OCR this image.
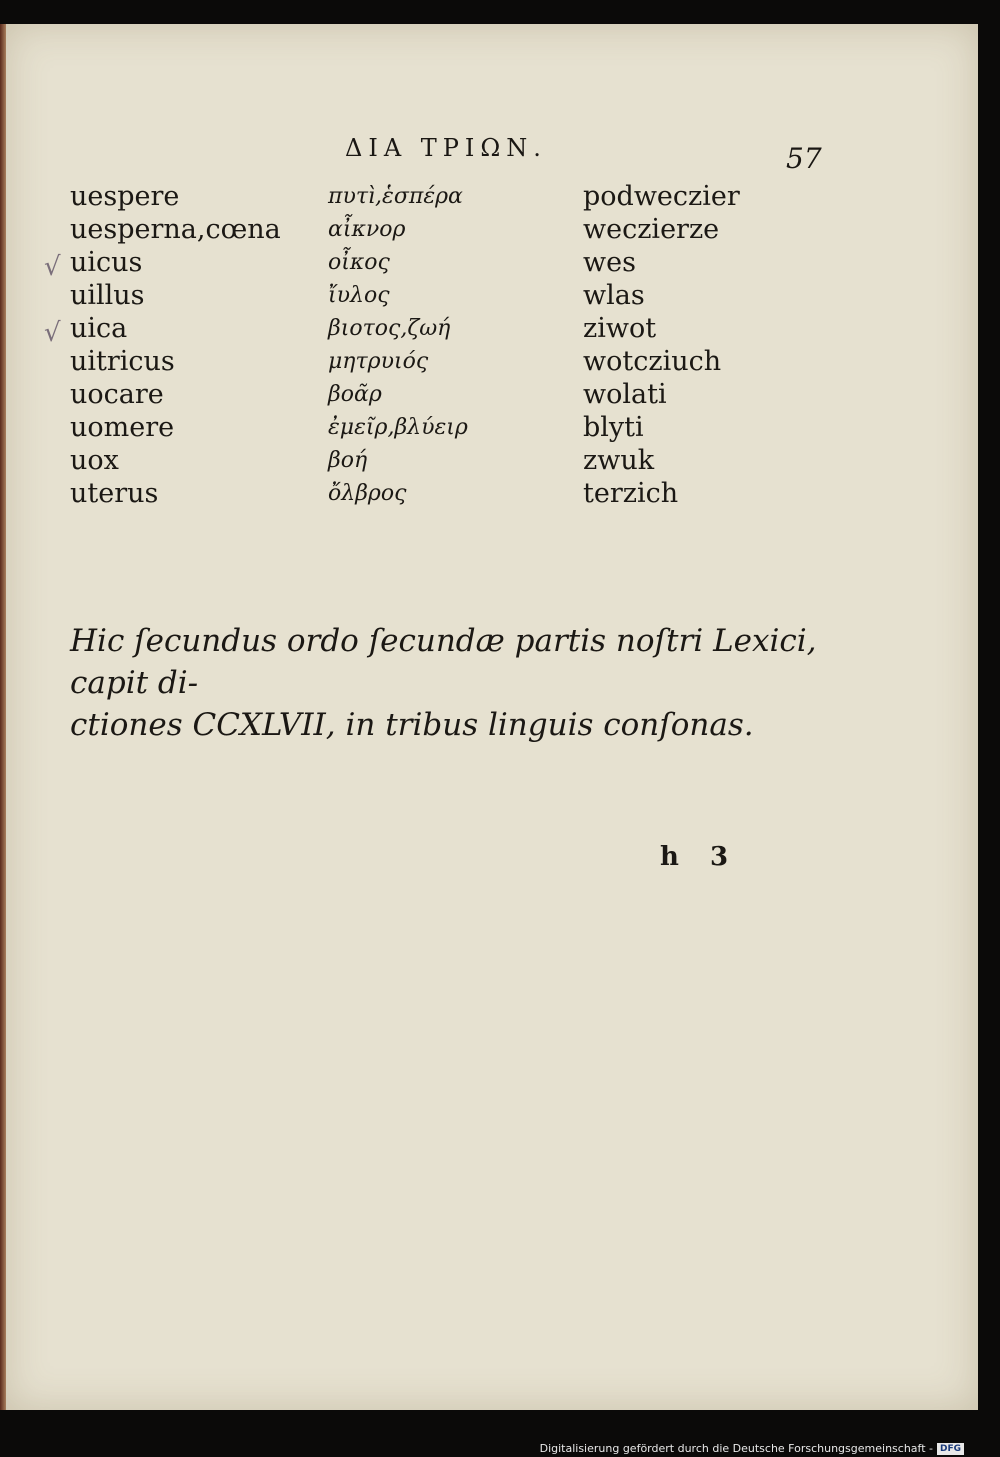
ΔΙΑ ΤΡΙΩΝ.	57
√
√
uespere
uesperna,cœna
uicus
uillus
uica
uitricus
uocare
uomere
uox
uterus
πυτì,ἑσπέρα
αἶκνορ
οἶκος
ἴυλος
βιοτος,ζωή
μητρυιός
βοᾶρ
ἐμεῖρ,βλύειρ
βοή
ὄλβρος
podweczier
weczierze
wes
wlas
ziwot
wotcziuch
wolati
blyti
zwuk
terzich
Hic ſecundus ordo ſecundæ partis noſtri Lexici, capit di-
ctiones CCXLVII, in tribus linguis conſonas.
h 3
Digitalisierung gefördert durch die Deutsche Forschungsgemeinschaft - DFG
